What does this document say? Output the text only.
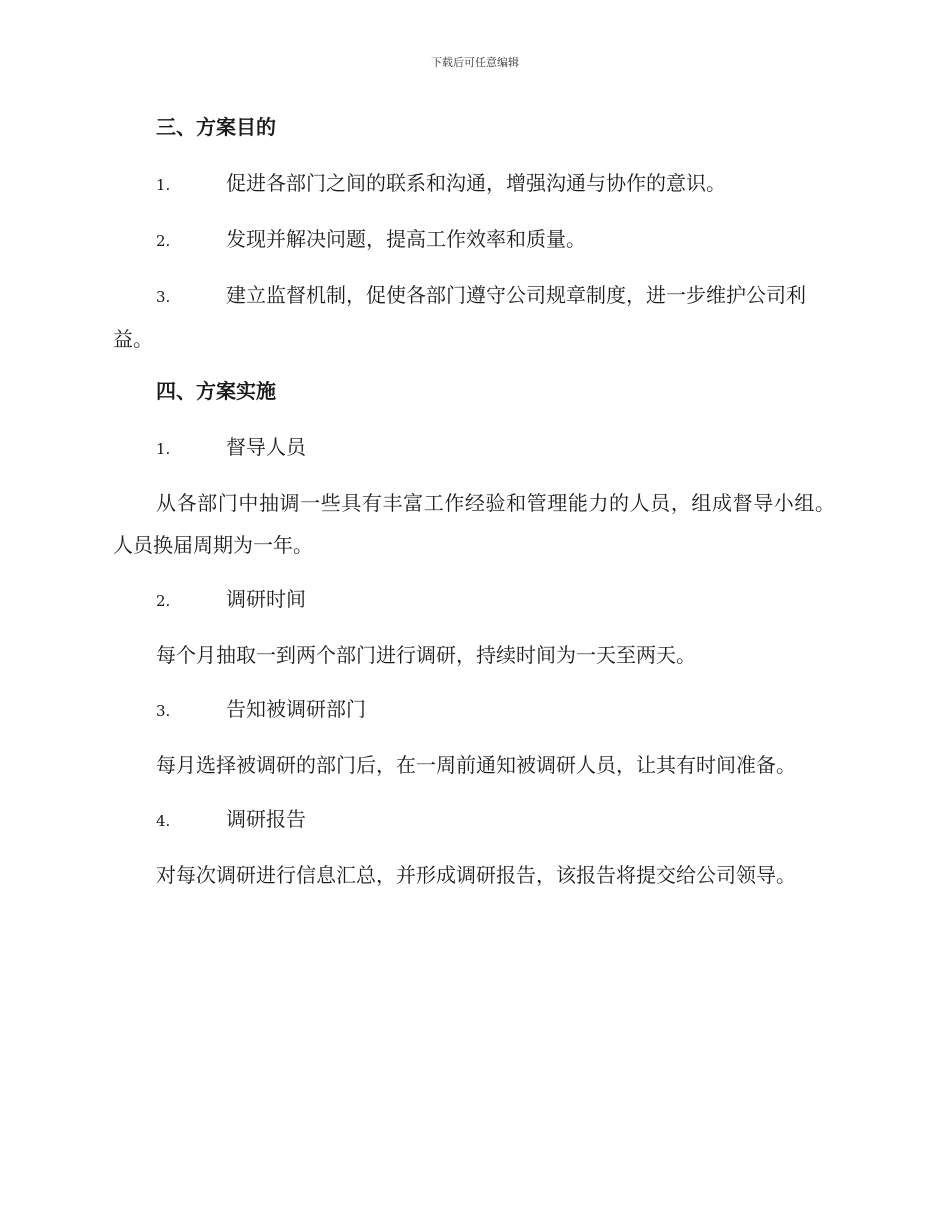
下载后可任意编辑
三、方案目的
1.	促进各部门之间的联系和沟通，增强沟通与协作的意识。
2.	发现并解决问题，提高工作效率和质量。
3.	建立监督机制，促使各部门遵守公司规章制度，进一步维护公司利益。
四、方案实施
1.	督导人员
从各部门中抽调一些具有丰富工作经验和管理能力的人员，组成督导小组。人员换届周期为一年。
2.	调研时间
每个月抽取一到两个部门进行调研，持续时间为一天至两天。
3.	告知被调研部门
每月选择被调研的部门后，在一周前通知被调研人员，让其有时间准备。
4.	调研报告
对每次调研进行信息汇总，并形成调研报告，该报告将提交给公司领导。
